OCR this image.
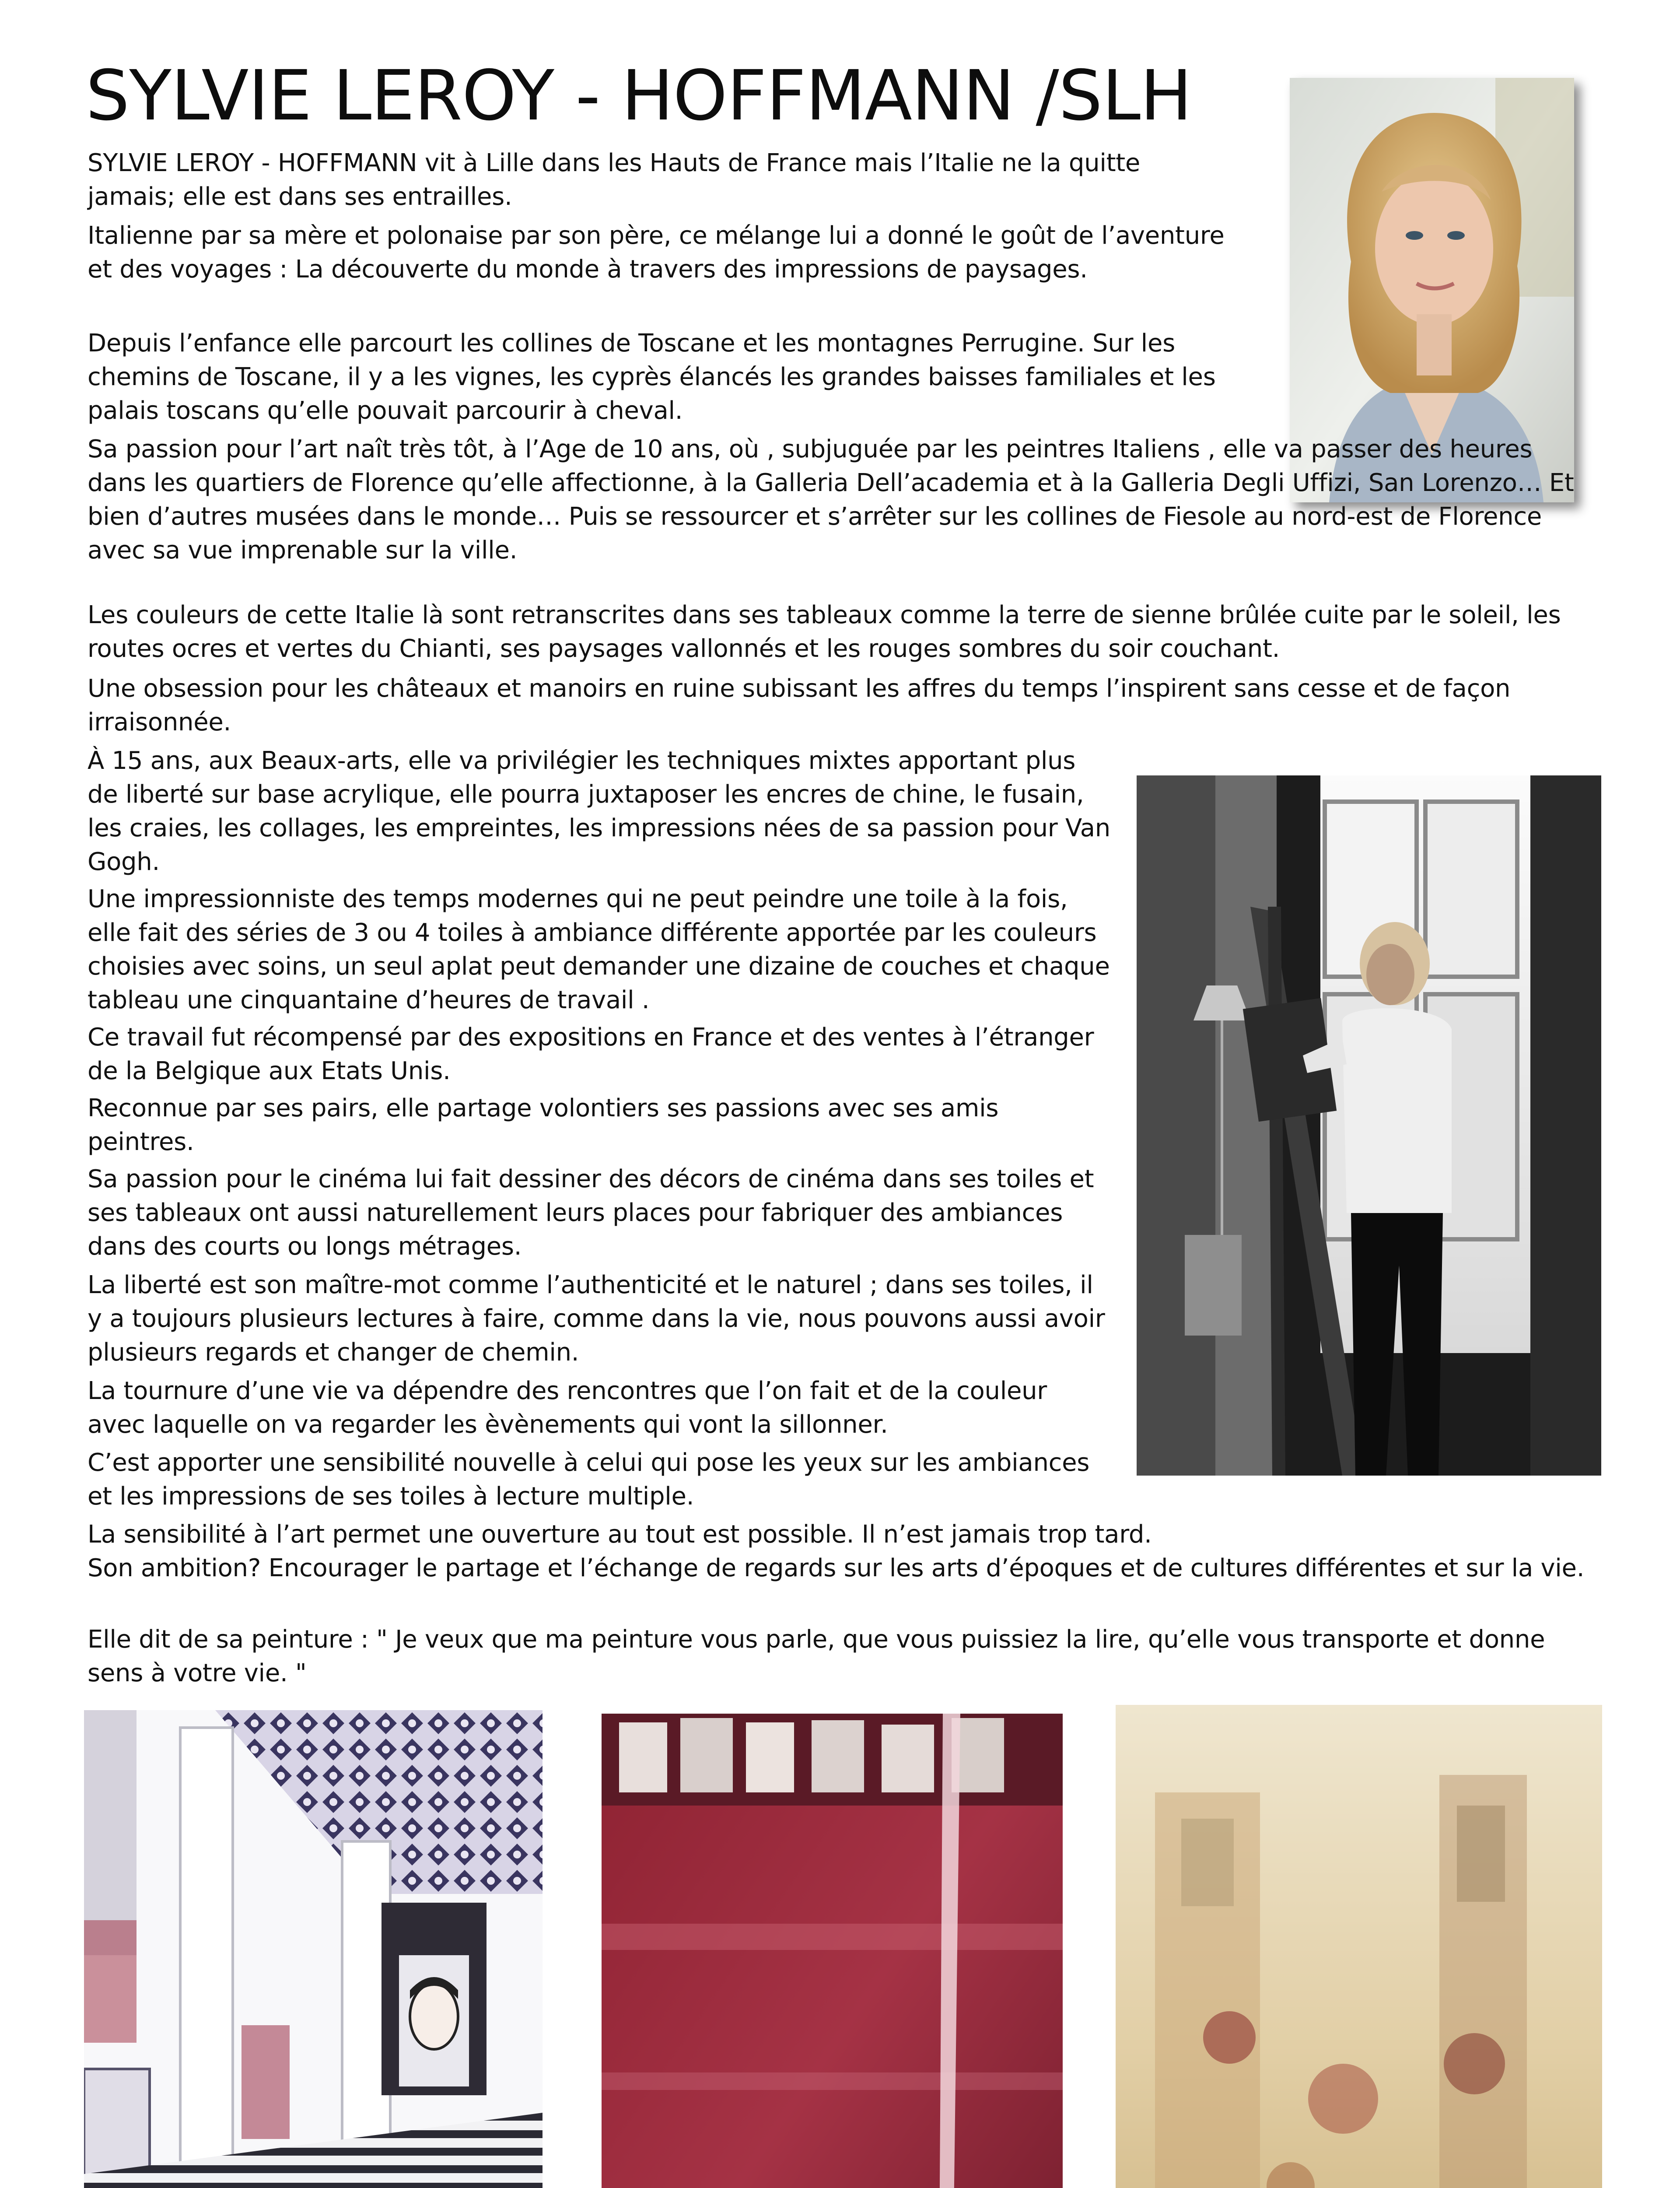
SYLVIE LEROY - HOFFMANN /SLH

SYLVIE LEROY - HOFFMANN vit à Lille dans les Hauts de France mais l’Italie ne la quitte jamais; elle est dans ses entrailles.

Italienne par sa mère et polonaise par son père, ce mélange lui a donné le goût de l’aventure et des voyages : La découverte du monde à travers des impressions de paysages.

Depuis l’enfance elle parcourt les collines de Toscane et les montagnes Perrugine. Sur les chemins de Toscane, il y a les vignes, les cyprès élancés les grandes baisses familiales et les palais toscans qu’elle pouvait parcourir à cheval.

Sa passion pour l’art naît très tôt, à l’Age de 10 ans, où , subjuguée par les peintres Italiens , elle va passer des heures dans les quartiers de Florence qu’elle affectionne, à la Galleria Dell’academia et à la Galleria Degli Uffizi, San Lorenzo… Et bien d’autres musées dans le monde… Puis se ressourcer et s’arrêter sur les collines de Fiesole au nord-est de Florence avec sa vue imprenable sur la ville.

Les couleurs de cette Italie là sont retranscrites dans ses tableaux comme la terre de sienne brûlée cuite par le soleil, les routes ocres et vertes du Chianti, ses paysages vallonnés et les rouges sombres du soir couchant.

Une obsession pour les châteaux et manoirs en ruine subissant les affres du temps l’inspirent sans cesse et de façon irraisonnée.

À 15 ans, aux Beaux-arts, elle va privilégier les techniques mixtes apportant plus de liberté sur base acrylique, elle pourra juxtaposer les encres de chine, le fusain, les craies, les collages, les empreintes, les impressions nées de sa passion pour Van Gogh.

Une impressionniste des temps modernes qui ne peut peindre une toile à la fois, elle fait des séries de 3 ou 4 toiles à ambiance différente apportée par les couleurs choisies avec soins, un seul aplat peut demander une dizaine de couches et chaque tableau une cinquantaine d’heures de travail .

Ce travail fut récompensé par des expositions en France et des ventes à l’étranger de la Belgique aux Etats Unis.

Reconnue par ses pairs, elle partage volontiers ses passions avec ses amis peintres.

Sa passion pour le cinéma lui fait dessiner des décors de cinéma dans ses toiles et ses tableaux ont aussi naturellement leurs places pour fabriquer des ambiances dans des courts ou longs métrages.

La liberté est son maître-mot comme l’authenticité et le naturel ; dans ses toiles, il y a toujours plusieurs lectures à faire, comme dans la vie, nous pouvons aussi avoir plusieurs regards et changer de chemin.

La tournure d’une vie va dépendre des rencontres que l’on fait et de la couleur avec laquelle on va regarder les èvènements qui vont la sillonner.

C’est apporter une sensibilité nouvelle à celui qui pose les yeux sur les ambiances et les impressions de ses toiles à lecture multiple.

La sensibilité à l’art permet une ouverture au tout est possible. Il n’est jamais trop tard.

Son ambition? Encourager le partage et l’échange de regards sur les arts d’époques et de cultures différentes et sur la vie.

Elle dit de sa peinture : " Je veux que ma peinture vous parle, que vous puissiez la lire, qu’elle vous transporte et donne sens à votre vie. "
